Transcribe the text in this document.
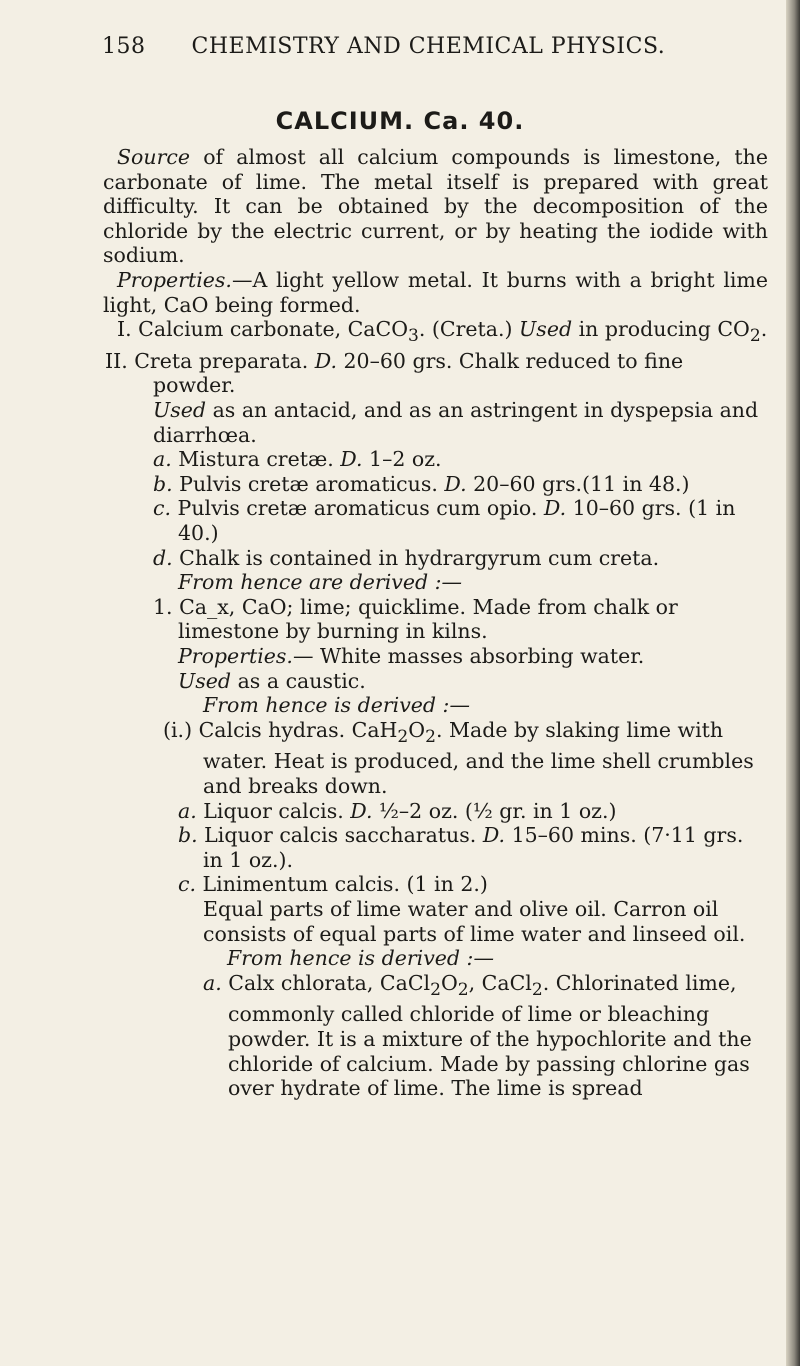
158 CHEMISTRY AND CHEMICAL PHYSICS.
CALCIUM. Ca. 40.

Source of almost all calcium compounds is limestone, the carbonate of lime. The metal itself is prepared with great difficulty. It can be obtained by the decomposition of the chloride by the electric current, or by heating the iodide with sodium.

Properties.—A light yellow metal. It burns with a bright lime light, CaO being formed.

I. Calcium carbonate, CaCO$_3$. (Creta.) Used in producing $CO_2$.

II. Creta preparata. D. 20–60 grs. Chalk reduced to fine powder.

Used as an antacid, and as an astringent in dyspepsia and diarrhœa.

a. Mistura cretæ. D. 1–2 oz.

b. Pulvis cretæ aromaticus. D. 20–60 grs.(11 in 48.)

c. Pulvis cretæ aromaticus cum opio. D. 10–60 grs. (1 in 40.)

d. Chalk is contained in hydrargyrum cum creta.

From hence are derived :—

1. Ca_x, CaO; lime; quicklime. Made from chalk or limestone by burning in kilns.

Properties.— White masses absorbing water.

Used as a caustic.

From hence is derived :—

(i.) Calcis hydras. $CaH_2O_2$. Made by slaking lime with water. Heat is produced, and the lime shell crumbles and breaks down.

a. Liquor calcis. D. ½–2 oz. (½ gr. in 1 oz.)

b. Liquor calcis saccharatus. D. 15–60 mins. (7·11 grs. in 1 oz.).

c. Linimentum calcis. (1 in 2.)

Equal parts of lime water and olive oil. Carron oil consists of equal parts of lime water and linseed oil.

From hence is derived :—

a. Calx chlorata, $CaCl_2O_2$, CaCl$_2$. Chlorinated lime, commonly called chloride of lime or bleaching powder. It is a mixture of the hypochlorite and the chloride of calcium. Made by passing chlorine gas over hydrate of lime. The lime is spread
